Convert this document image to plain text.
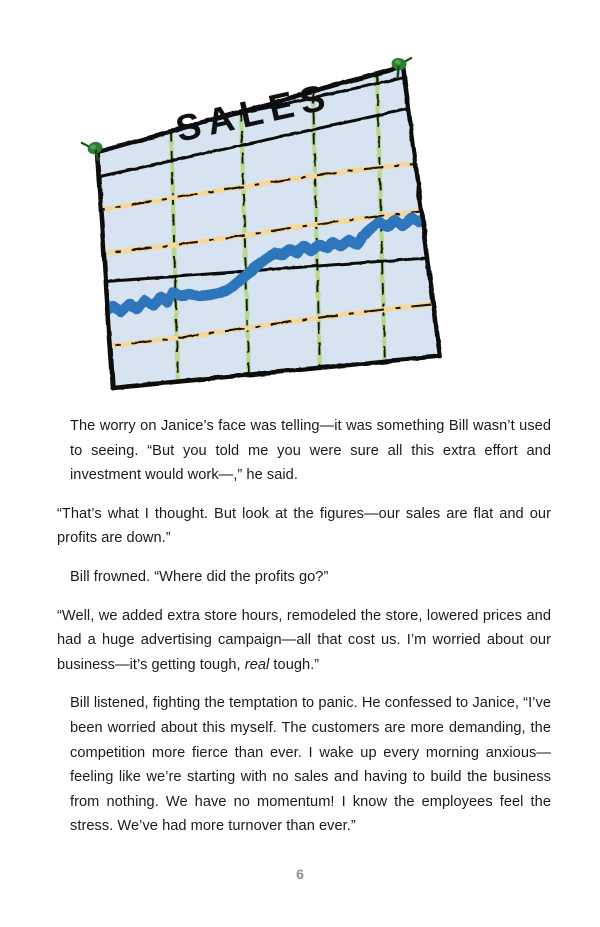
SALES

The worry on Janice’s face was telling—it was something Bill wasn’t used to seeing. “But you told me you were sure all this extra effort and investment would work—,” he said.

“That’s what I thought. But look at the figures—our sales are flat and our profits are down.”

Bill frowned. “Where did the profits go?”

“Well, we added extra store hours, remodeled the store, lowered prices and had a huge advertising campaign—all that cost us. I’m worried about our business—it’s getting tough, real tough.”

Bill listened, fighting the temptation to panic. He confessed to Janice, “I’ve been worried about this myself. The customers are more demanding, the competition more fierce than ever. I wake up every morning anxious—feeling like we’re starting with no sales and having to build the business from nothing. We have no momentum! I know the employees feel the stress. We’ve had more turnover than ever.”

6
